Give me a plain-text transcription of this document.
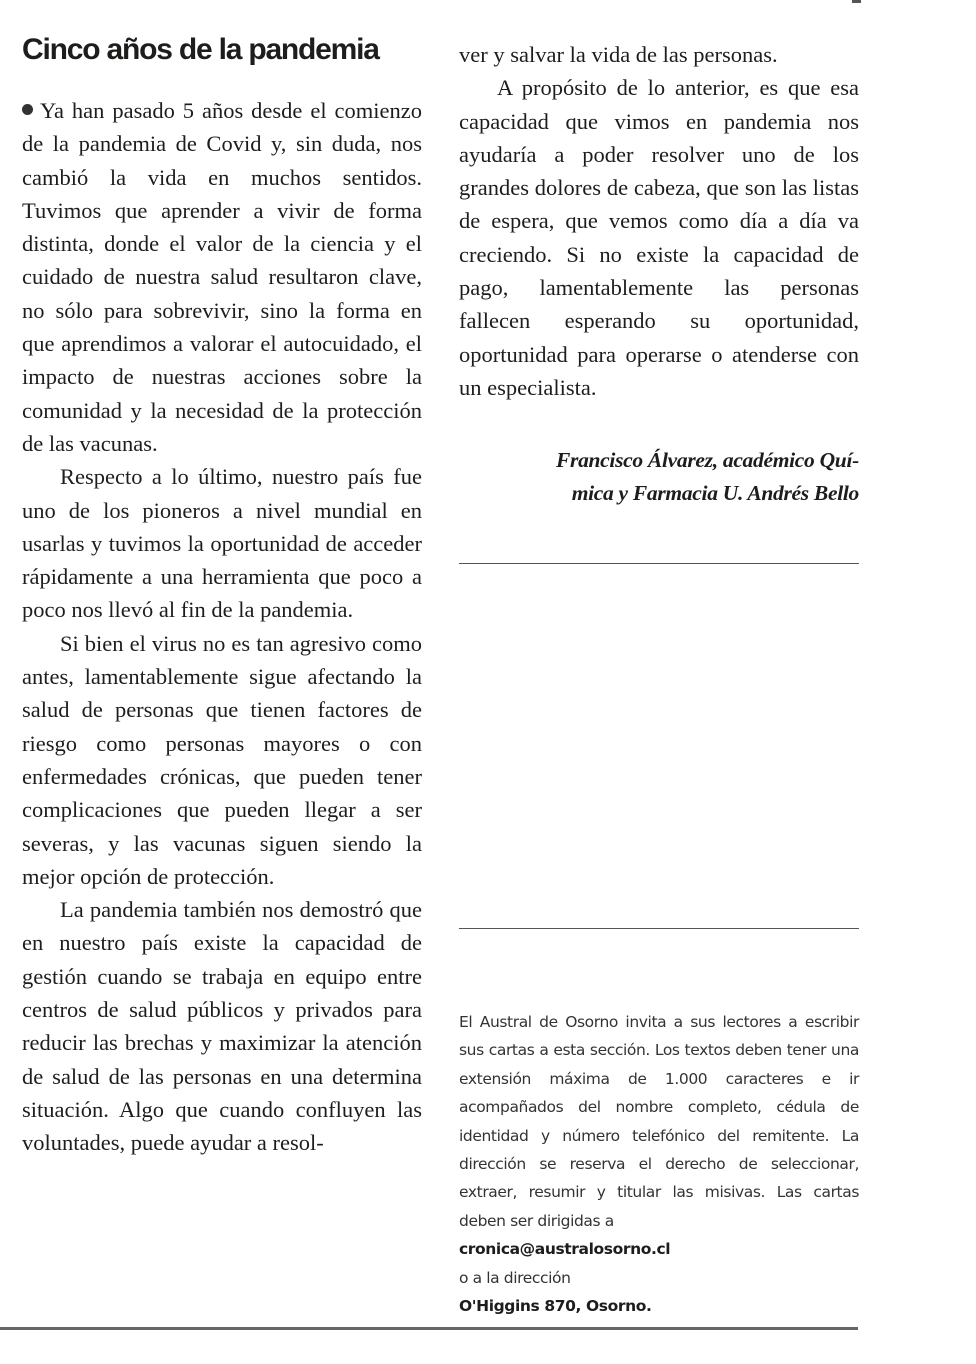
Cinco años de la pandemia

Ya han pasado 5 años desde el comienzo de la pandemia de Covid y, sin duda, nos cambió la vida en muchos sentidos. Tuvimos que aprender a vivir de forma distinta, donde el valor de la ciencia y el cuidado de nuestra salud resultaron clave, no sólo para sobrevivir, sino la forma en que aprendimos a valorar el autocuidado, el impacto de nuestras acciones sobre la comunidad y la necesidad de la protección de las vacunas.

Respecto a lo último, nuestro país fue uno de los pioneros a nivel mundial en usarlas y tuvimos la oportunidad de acceder rápidamente a una herramienta que poco a poco nos llevó al fin de la pandemia.

Si bien el virus no es tan agresivo como antes, lamentablemente sigue afectando la salud de personas que tienen factores de riesgo como personas mayores o con enfermedades crónicas, que pueden tener complicaciones que pueden llegar a ser severas, y las vacunas siguen siendo la mejor opción de protección.

La pandemia también nos demostró que en nuestro país existe la capacidad de gestión cuando se trabaja en equipo entre centros de salud públicos y privados para reducir las brechas y maximizar la atención de salud de las personas en una determina situación. Algo que cuando confluyen las voluntades, puede ayudar a resol-

ver y salvar la vida de las personas.

A propósito de lo anterior, es que esa capacidad que vimos en pandemia nos ayudaría a poder resolver uno de los grandes dolores de cabeza, que son las listas de espera, que vemos como día a día va creciendo. Si no existe la capacidad de pago, lamentablemente las personas fallecen esperando su oportunidad, oportunidad para operarse o atenderse con un especialista.

Francisco Álvarez, académico Quí-
mica y Farmacia U. Andrés Bello

El Austral de Osorno invita a sus lectores a escribir sus cartas a esta sección. Los textos deben tener una extensión máxima de 1.000 caracteres e ir acompañados del nombre completo, cédula de identidad y número telefónico del remitente. La dirección se reserva el derecho de seleccionar, extraer, resumir y titular las misivas. Las cartas deben ser dirigidas a

cronica@australosorno.cl
o a la dirección
O'Higgins 870, Osorno.
